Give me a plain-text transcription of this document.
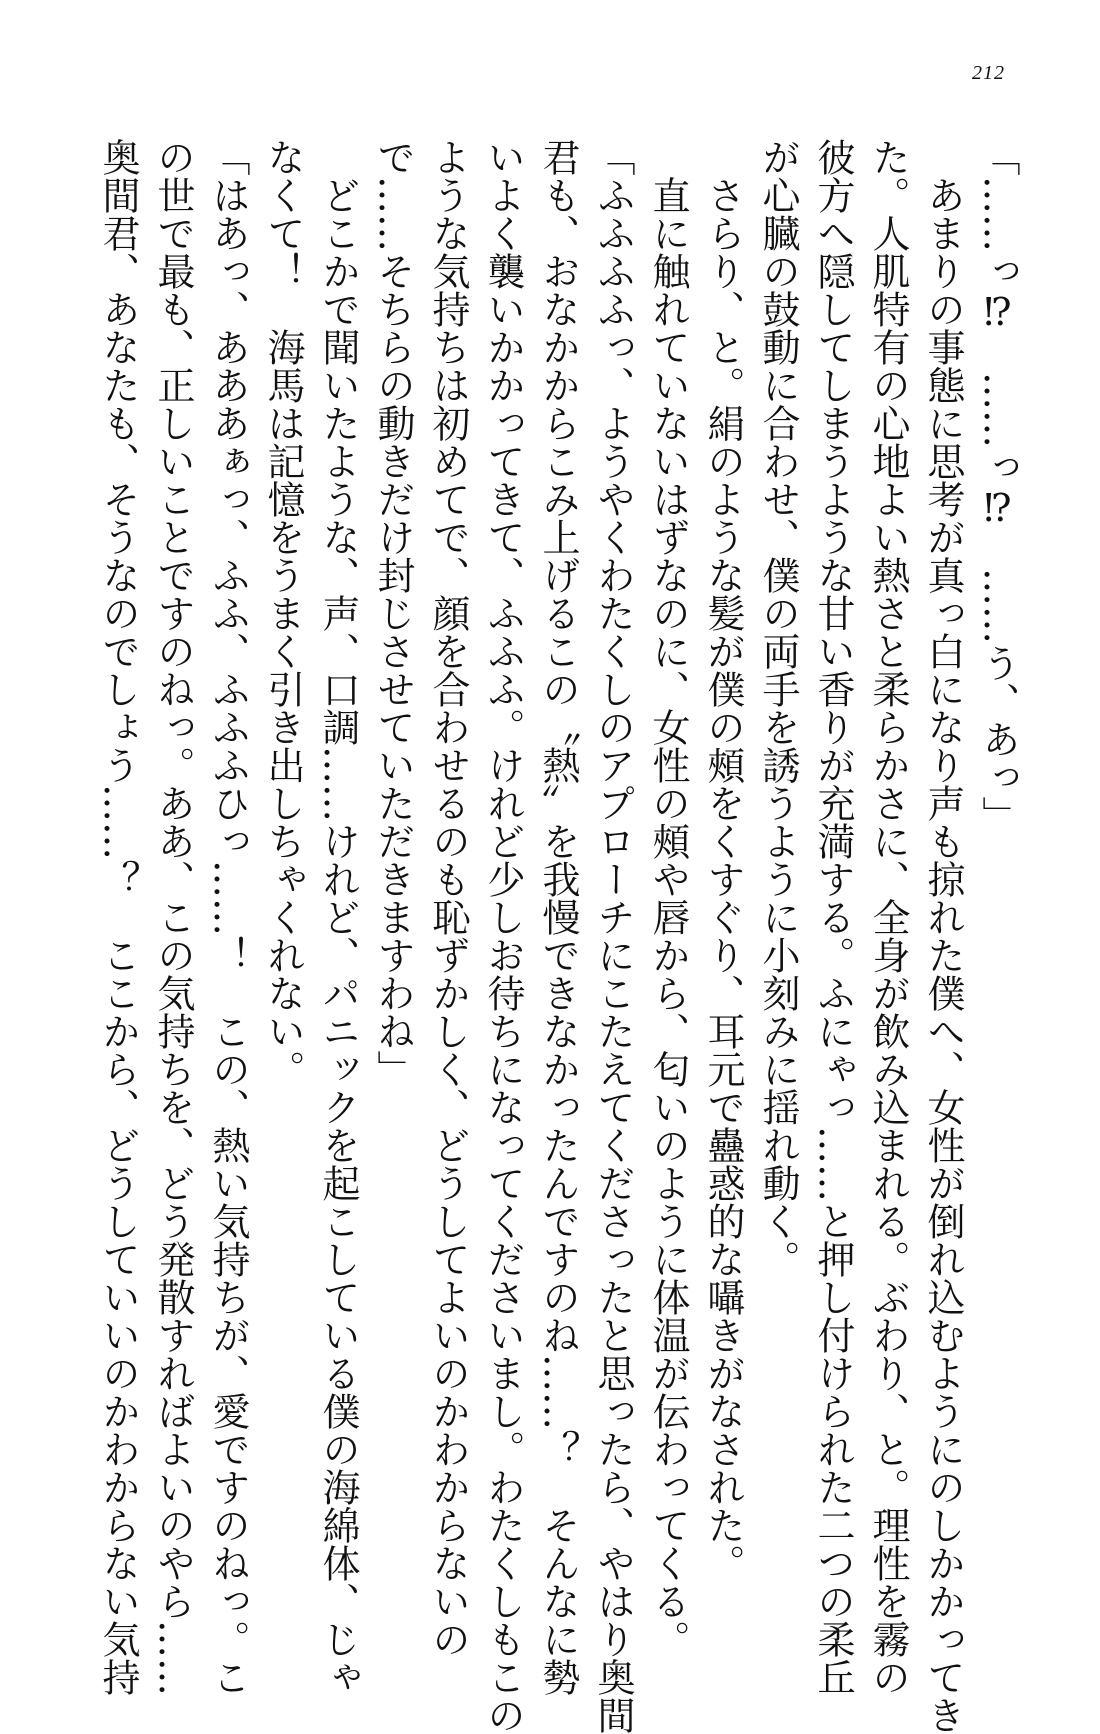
212
「……っ⁉　……っ⁉　……う、あっ」
あまりの事態に思考が真っ白になり声も掠れた僕へ、女性が倒れ込むようにのしかかってき
た。人肌特有の心地よい熱さと柔らかさに、全身が飲み込まれる。ぶわり、と。理性を霧の
彼方へ隠してしまうような甘い香りが充満する。ふにゃっ……と押し付けられた二つの柔丘
が心臓の鼓動に合わせ、僕の両手を誘うように小刻みに揺れ動く。
さらり、と。絹のような髪が僕の頰をくすぐり、耳元で蠱惑的な囁きがなされた。
直に触れていないはずなのに、女性の頰や唇から、匂いのように体温が伝わってくる。
「ふふふふっ、ようやくわたくしのアプローチにこたえてくださったと思ったら、やはり奥間
君も、おなかからこみ上げるこの〝熱〟を我慢できなかったんですのね……？　そんなに勢
いよく襲いかかってきて、ふふふ。けれど少しお待ちになってくださいまし。わたくしもこの
ような気持ちは初めてで、顔を合わせるのも恥ずかしく、どうしてよいのかわからないの
で……そちらの動きだけ封じさせていただきますわね」
どこかで聞いたような、声、口調……けれど、パニックを起こしている僕の海綿体、じゃ
なくて！　海馬は記憶をうまく引き出しちゃくれない。
「はあっ、あああぁっ、ふふ、ふふふひっ……！　この、熱い気持ちが、愛ですのねっ。こ
の世で最も、正しいことですのねっ。ああ、この気持ちを、どう発散すればよいのやら……
奥間君、あなたも、そうなのでしょう……？　ここから、どうしていいのかわからない気持
